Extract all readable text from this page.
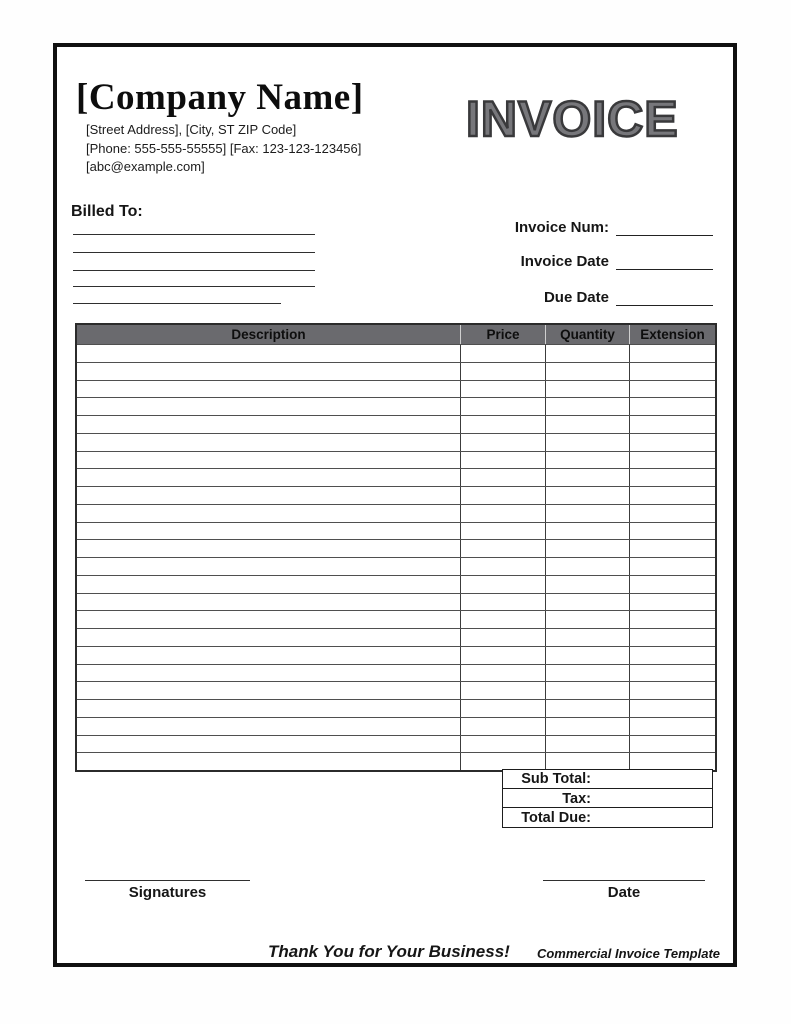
[Company Name]
[Street Address], [City, ST ZIP Code]
[Phone: 555-555-55555] [Fax: 123-123-123456]
[abc@example.com]
INVOICE
Billed To:
Invoice Num:
Invoice Date
Due Date
Description	Price	Quantity	Extension
Sub Total:
Tax:
Total Due:
Signatures	Date
Thank You for Your Business! Commercial Invoice Template
